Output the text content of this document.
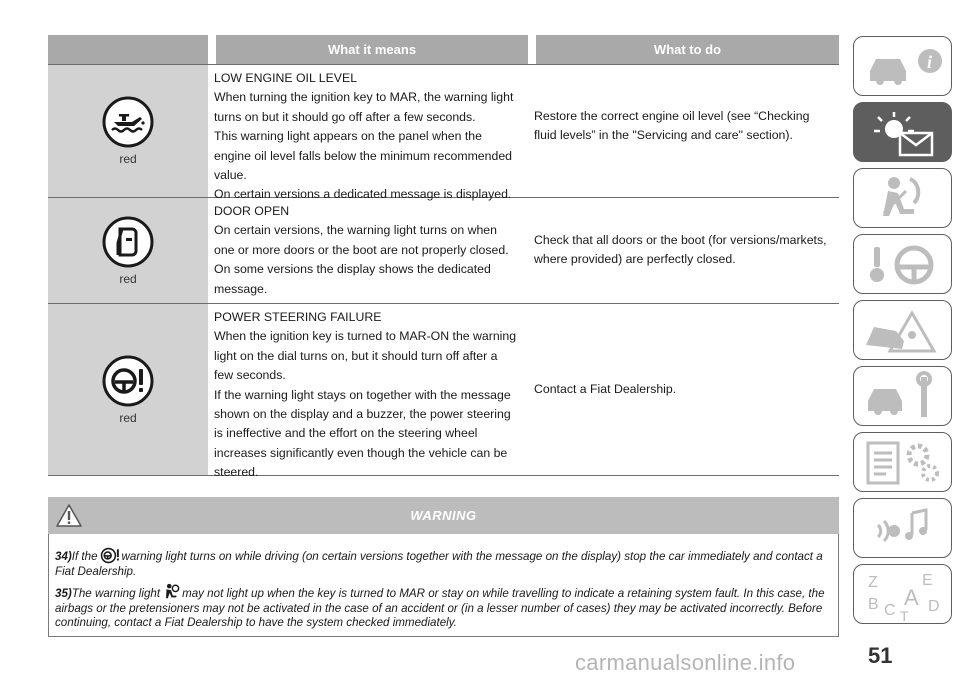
What it means	What to do
red

LOW ENGINE OIL LEVEL

When turning the ignition key to MAR, the warning light turns on but it should go off after a few seconds.

This warning light appears on the panel when the engine oil level falls below the minimum recommended value.

On certain versions a dedicated message is displayed.

Restore the correct engine oil level (see “Checking fluid levels” in the "Servicing and care" section).

red

DOOR OPEN

On certain versions, the warning light turns on when one or more doors or the boot are not properly closed.

On some versions the display shows the dedicated message.

Check that all doors or the boot (for versions/markets, where provided) are perfectly closed.

red

POWER STEERING FAILURE

When the ignition key is turned to MAR-ON the warning light on the dial turns on, but it should turn off after a few seconds.

If the warning light stays on together with the message shown on the display and a buzzer, the power steering is ineffective and the effort on the steering wheel increases significantly even though the vehicle can be steered.

Contact a Fiat Dealership.

WARNING
34)If the warning light turns on while driving (on certain versions together with the message on the display) stop the car immediately and contact a Fiat Dealership.
35)The warning light may not light up when the key is turned to MAR or stay on while travelling to indicate a retaining system fault. In this case, the airbags or the pretensioners may not be activated in the case of an accident or (in a lesser number of cases) they may be activated incorrectly. Before continuing, contact a Fiat Dealership to have the system checked immediately.
i
Z	E
B A
C D
T
51
carmanualsonline.info
